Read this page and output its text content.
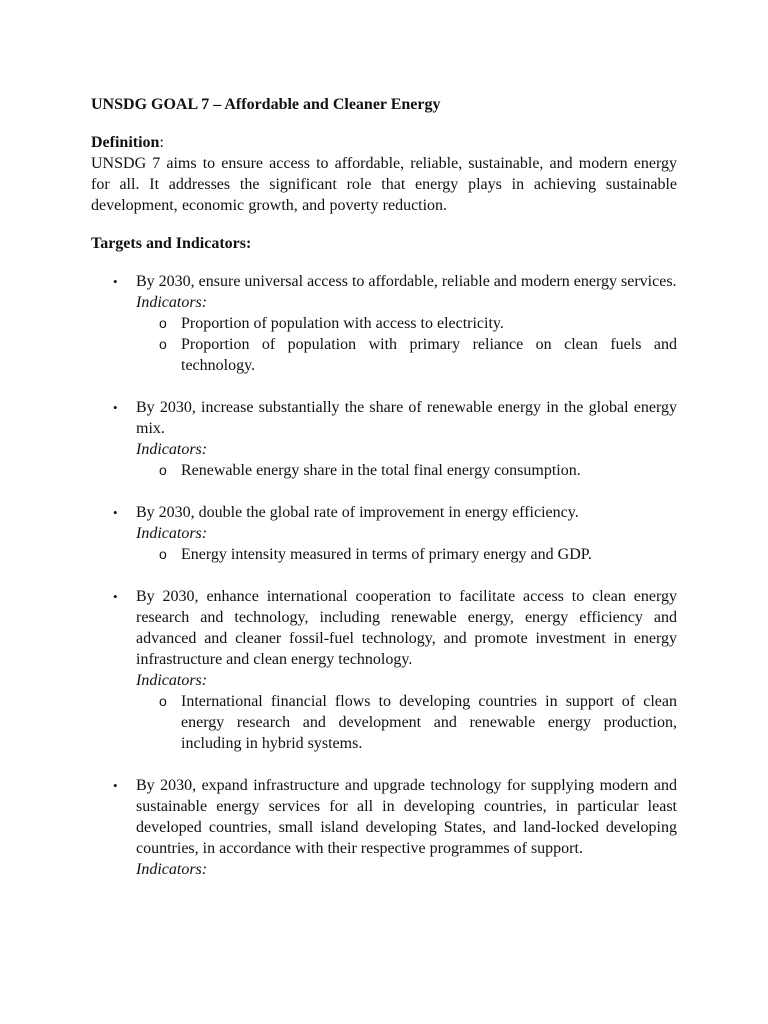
UNSDG GOAL 7 – Affordable and Cleaner Energy

Definition:

UNSDG 7 aims to ensure access to affordable, reliable, sustainable, and modern energy for all. It addresses the significant role that energy plays in achieving sustainable development, economic growth, and poverty reduction.

Targets and Indicators:

• By 2030, ensure universal access to affordable, reliable and modern energy services.
Indicators:
o Proportion of population with access to electricity.
o Proportion of population with primary reliance on clean fuels and technology.
• By 2030, increase substantially the share of renewable energy in the global energy mix.
Indicators:
o Renewable energy share in the total final energy consumption.
• By 2030, double the global rate of improvement in energy efficiency.
Indicators:
o Energy intensity measured in terms of primary energy and GDP.
• By 2030, enhance international cooperation to facilitate access to clean energy research and technology, including renewable energy, energy efficiency and advanced and cleaner fossil-fuel technology, and promote investment in energy infrastructure and clean energy technology.
Indicators:
o International financial flows to developing countries in support of clean energy research and development and renewable energy production, including in hybrid systems.
• By 2030, expand infrastructure and upgrade technology for supplying modern and sustainable energy services for all in developing countries, in particular least developed countries, small island developing States, and land-locked developing countries, in accordance with their respective programmes of support.
Indicators:
